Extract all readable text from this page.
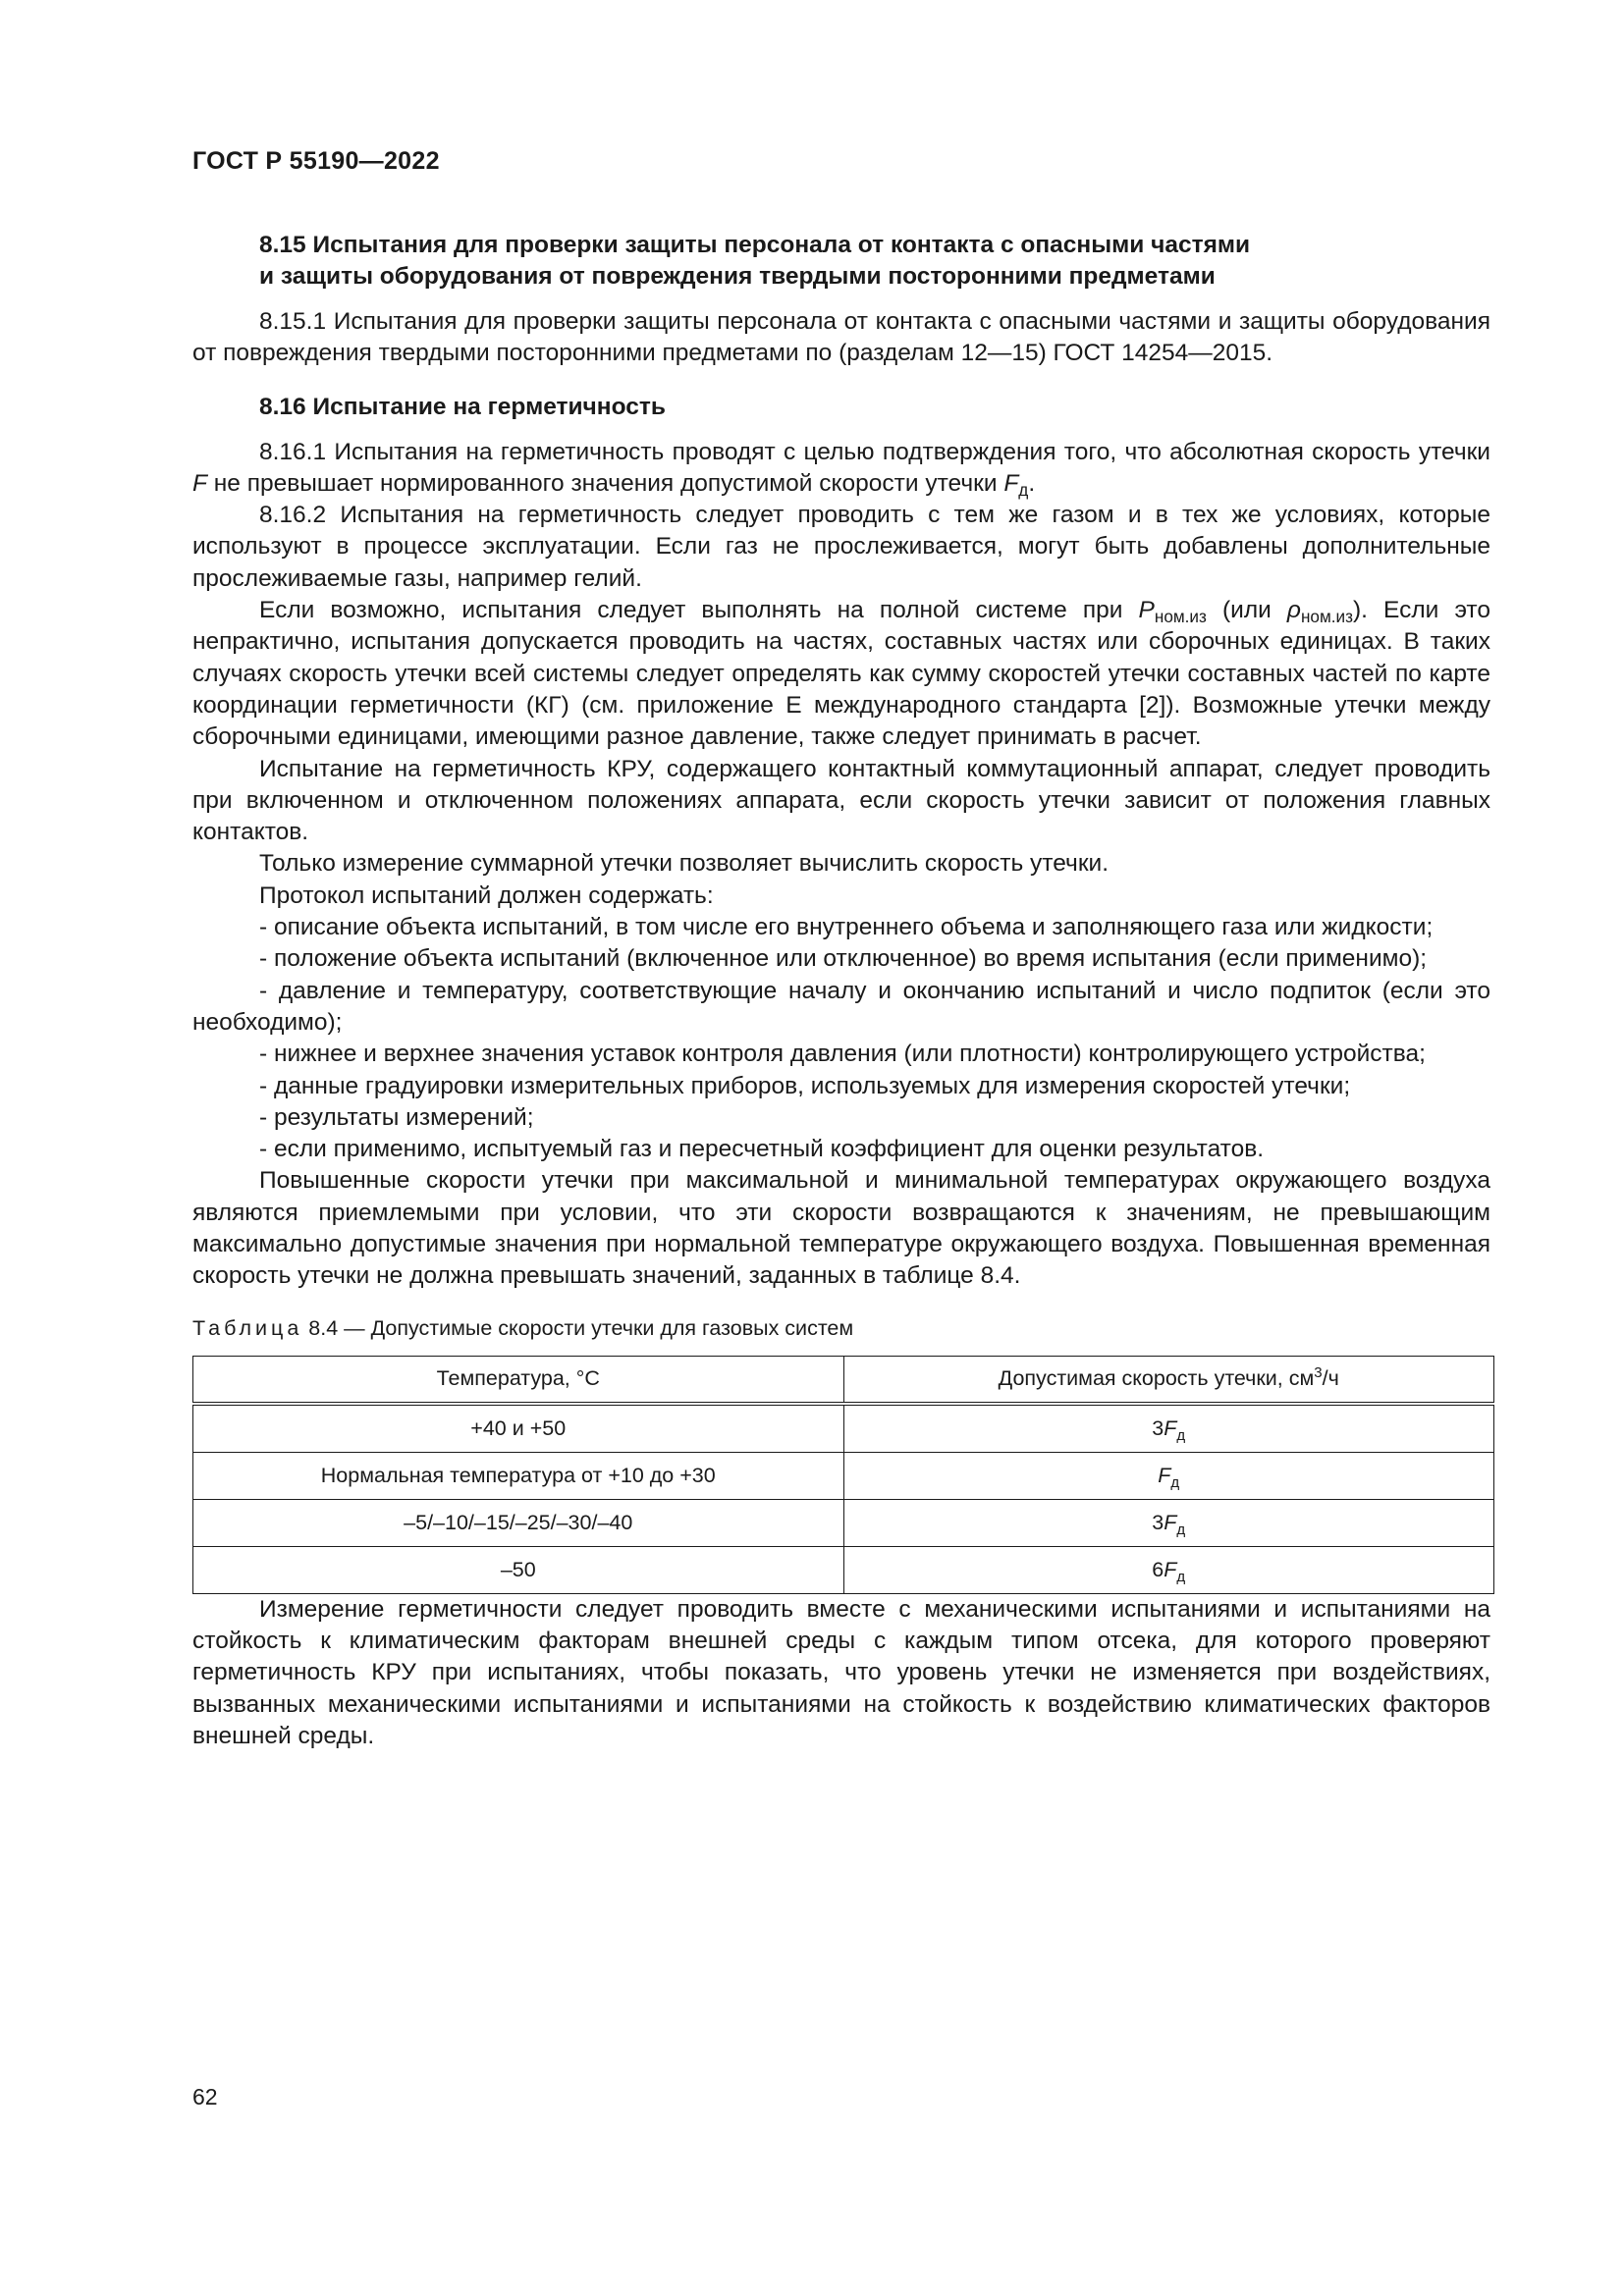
ГОСТ Р 55190—2022
8.15 Испытания для проверки защиты персонала от контакта с опасными частями
и защиты оборудования от повреждения твердыми посторонними предметами

8.15.1 Испытания для проверки защиты персонала от контакта с опасными частями и защиты оборудования от повреждения твердыми посторонними предметами по (разделам 12—15) ГОСТ 14254—2015.

8.16 Испытание на герметичность

8.16.1 Испытания на герметичность проводят с целью подтверждения того, что абсолютная скорость утечки F не превышает нормированного значения допустимой скорости утечки $F_д$.

8.16.2 Испытания на герметичность следует проводить с тем же газом и в тех же условиях, которые используют в процессе эксплуатации. Если газ не прослеживается, могут быть добавлены дополнительные прослеживаемые газы, например гелий.

Если возможно, испытания следует выполнять на полной системе при $P_{ном.из}$ (или $\rho_{ном.из}$). Если это непрактично, испытания допускается проводить на частях, составных частях или сборочных единицах. В таких случаях скорость утечки всей системы следует определять как сумму скоростей утечки составных частей по карте координации герметичности (КГ) (см. приложение Е международного стандарта [2]). Возможные утечки между сборочными единицами, имеющими разное давление, также следует принимать в расчет.

Испытание на герметичность КРУ, содержащего контактный коммутационный аппарат, следует проводить при включенном и отключенном положениях аппарата, если скорость утечки зависит от положения главных контактов.

Только измерение суммарной утечки позволяет вычислить скорость утечки.

Протокол испытаний должен содержать:

- описание объекта испытаний, в том числе его внутреннего объема и заполняющего газа или жидкости;

- положение объекта испытаний (включенное или отключенное) во время испытания (если применимо);

- давление и температуру, соответствующие началу и окончанию испытаний и число подпиток (если это необходимо);

- нижнее и верхнее значения уставок контроля давления (или плотности) контролирующего устройства;

- данные градуировки измерительных приборов, используемых для измерения скоростей утечки;

- результаты измерений;

- если применимо, испытуемый газ и пересчетный коэффициент для оценки результатов.

Повышенные скорости утечки при максимальной и минимальной температурах окружающего воздуха являются приемлемыми при условии, что эти скорости возвращаются к значениям, не превышающим максимально допустимые значения при нормальной температуре окружающего воздуха. Повышенная временная скорость утечки не должна превышать значений, заданных в таблице 8.4.

Таблица 8.4 — Допустимые скорости утечки для газовых систем
Температура, °С	Допустимая скорость утечки, $см^3/ч$
+40 и +50	$3F_д$
Нормальная температура от +10 до +30	$F_д$
–5/–10/–15/–25/–30/–40	$3F_д$
–50	$6F_д$

Измерение герметичности следует проводить вместе с механическими испытаниями и испытаниями на стойкость к климатическим факторам внешней среды с каждым типом отсека, для которого проверяют герметичность КРУ при испытаниях, чтобы показать, что уровень утечки не изменяется при воздействиях, вызванных механическими испытаниями и испытаниями на стойкость к воздействию климатических факторов внешней среды.

62
